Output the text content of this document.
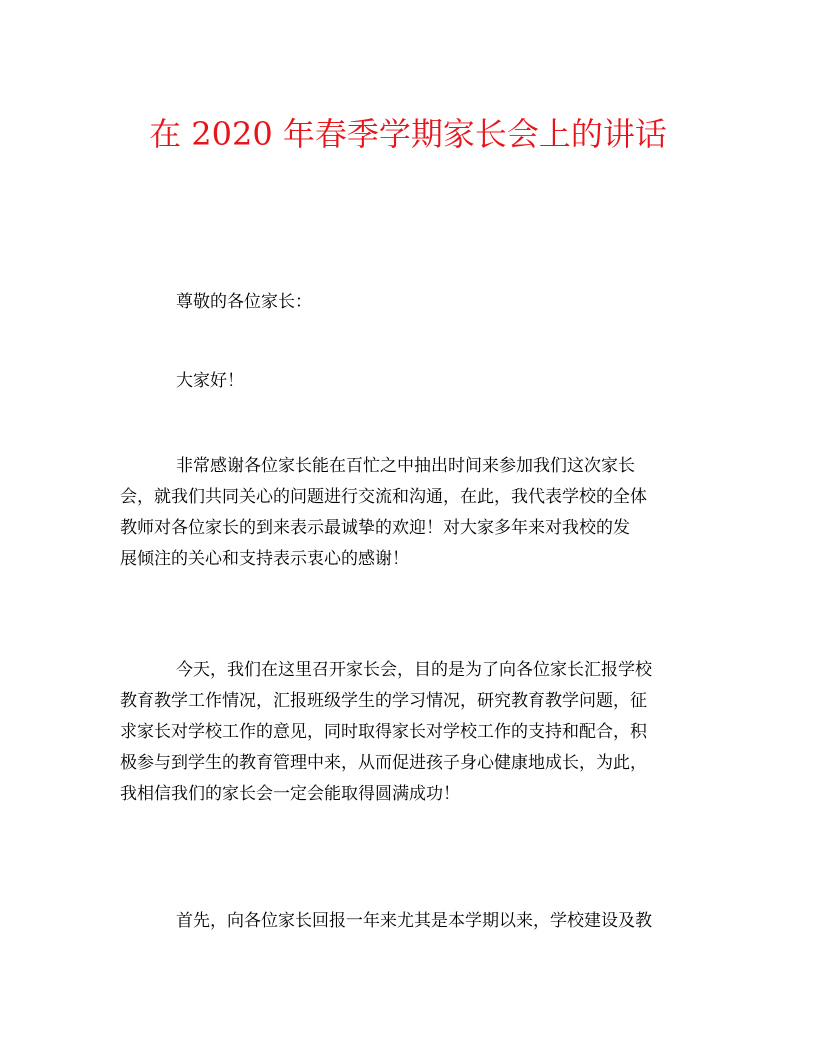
在 2020 年春季学期家长会上的讲话
尊敬的各位家长：
大家好！
非常感谢各位家长能在百忙之中抽出时间来参加我们这次家长
会，就我们共同关心的问题进行交流和沟通，在此，我代表学校的全体
教师对各位家长的到来表示最诚挚的欢迎！对大家多年来对我校的发
展倾注的关心和支持表示衷心的感谢！
今天，我们在这里召开家长会，目的是为了向各位家长汇报学校
教育教学工作情况，汇报班级学生的学习情况，研究教育教学问题，征
求家长对学校工作的意见，同时取得家长对学校工作的支持和配合，积
极参与到学生的教育管理中来，从而促进孩子身心健康地成长，为此，
我相信我们的家长会一定会能取得圆满成功！
首先，向各位家长回报一年来尤其是本学期以来，学校建设及教
